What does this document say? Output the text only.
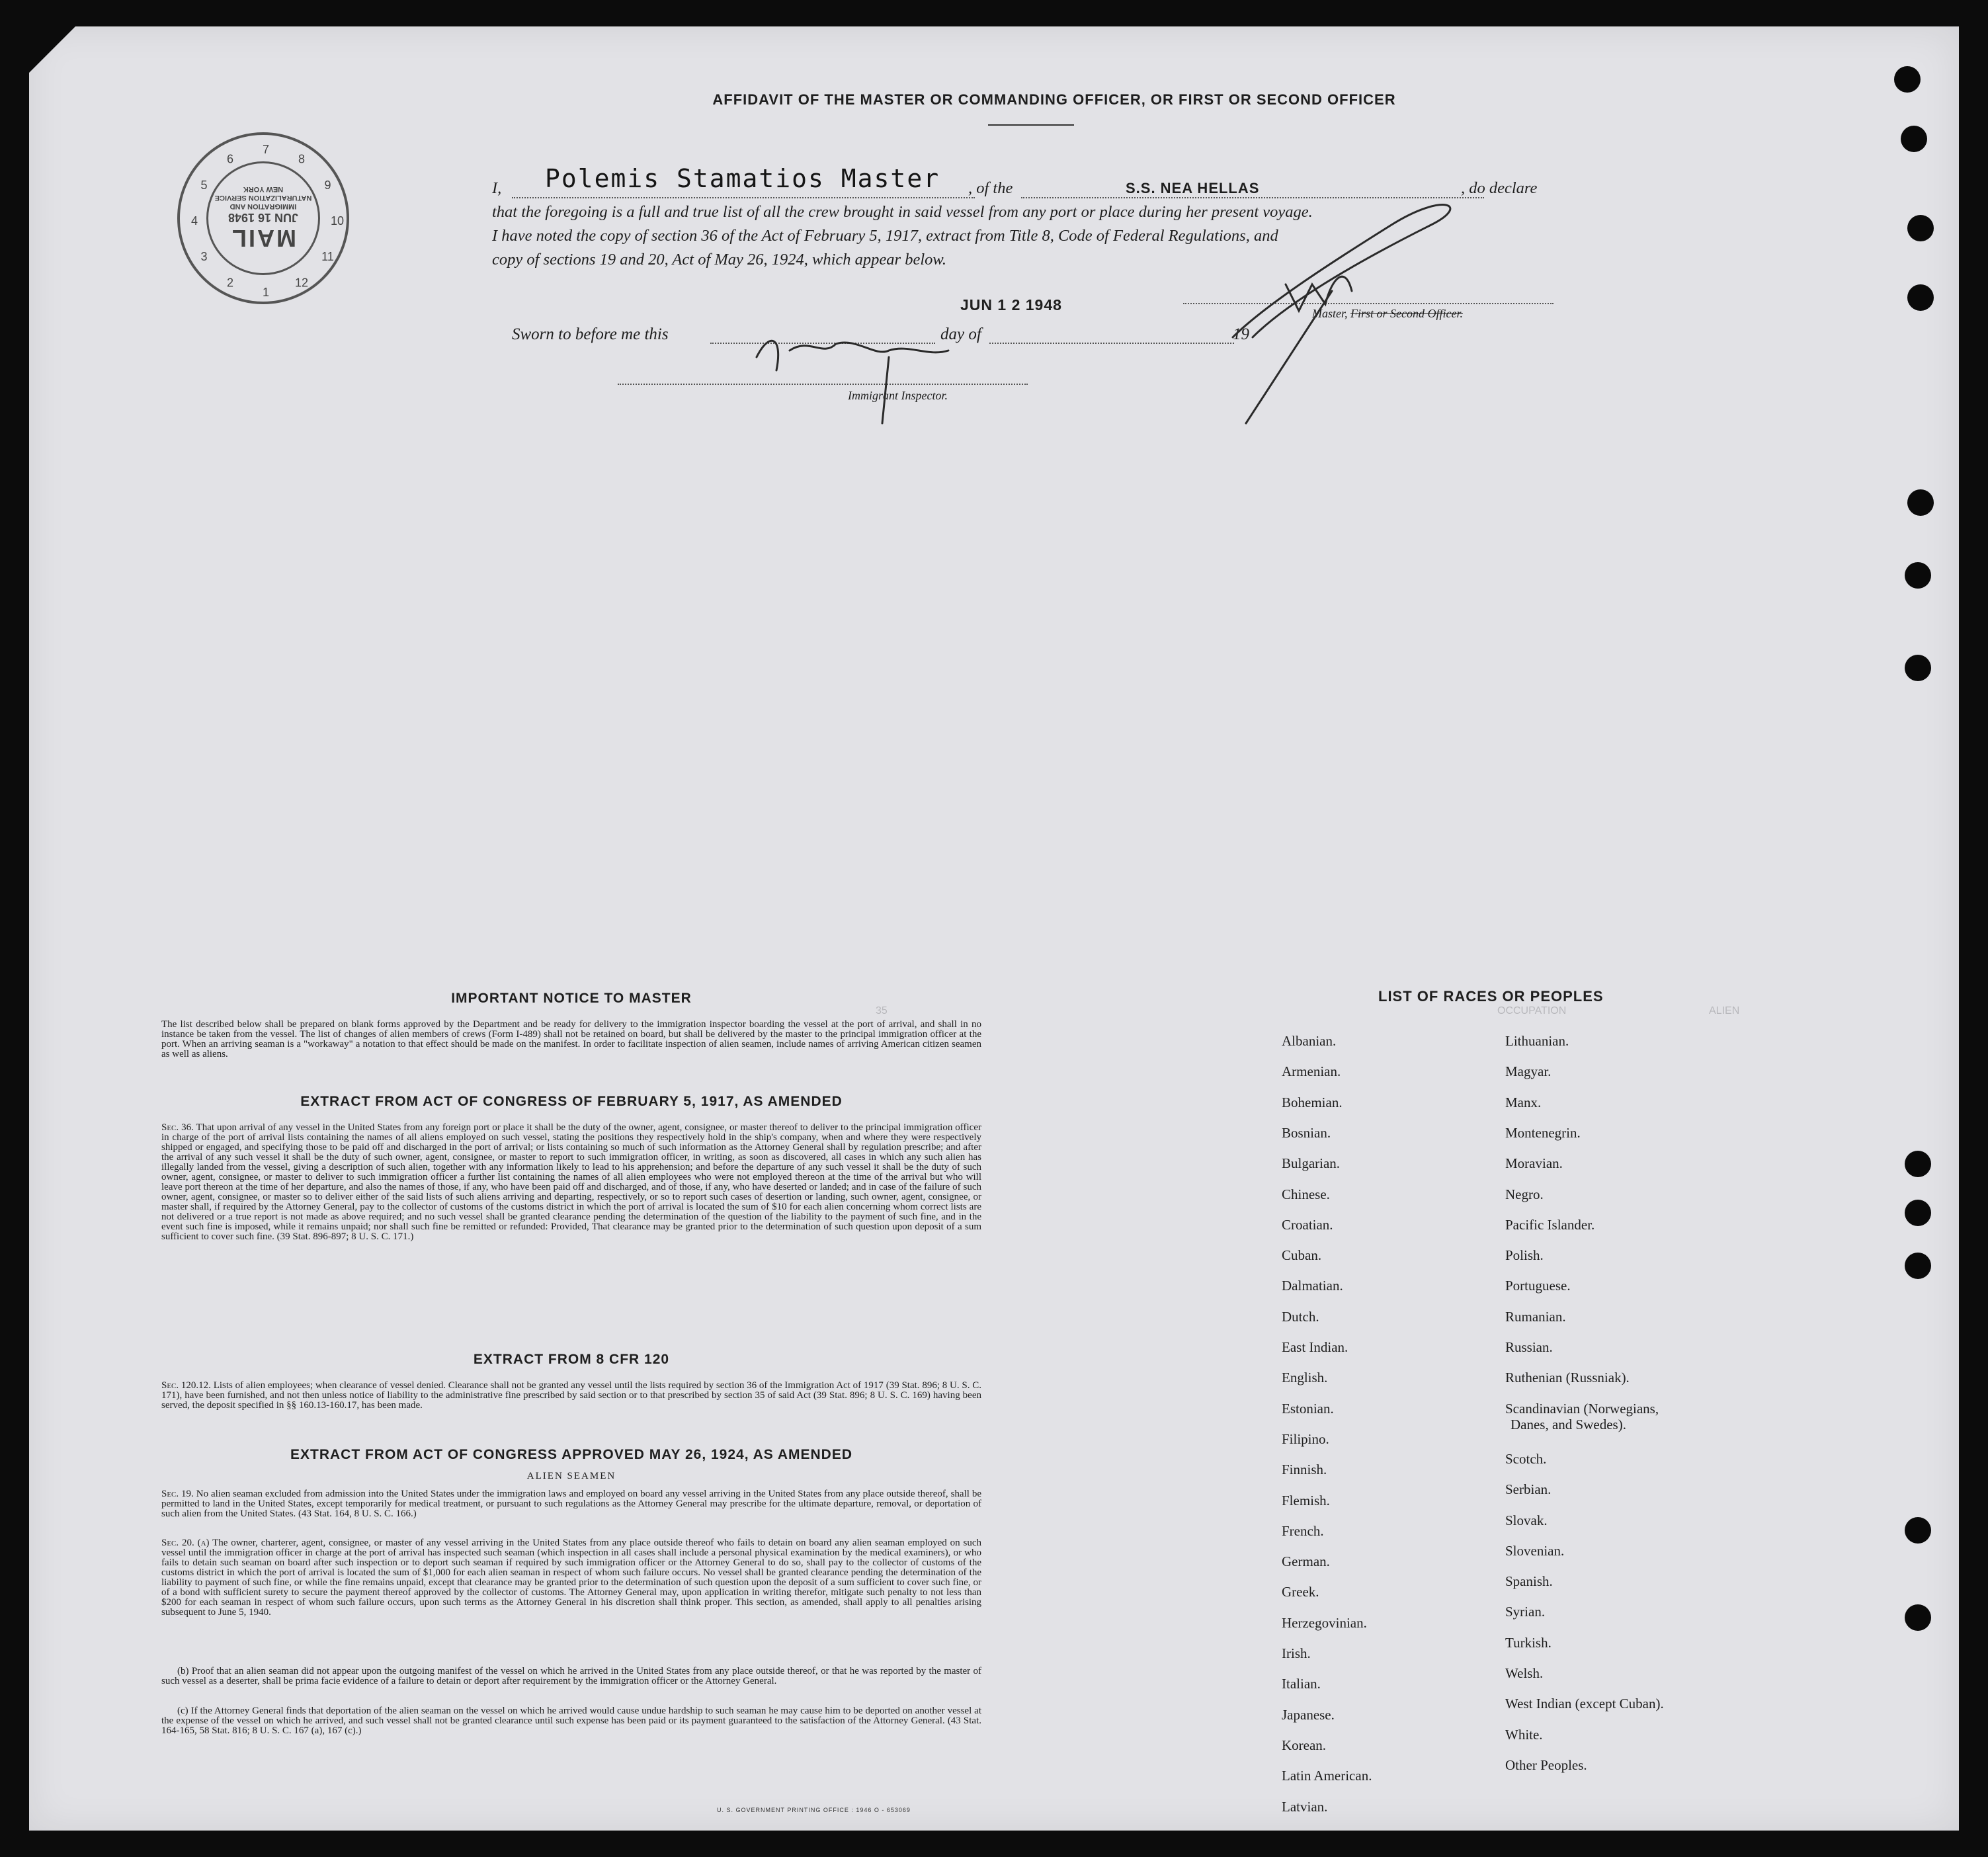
AFFIDAVIT OF THE MASTER OR COMMANDING OFFICER, OR FIRST OR SECOND OFFICER
MAIL
JUN 16 1948
IMMIGRATION AND NATURALIZATION SERVICE
NEW YORK
1
2
3
4
5
6
7
8
9
10
11
12
I,	, of the	, do declare
that the foregoing is a full and true list of all the crew brought in said vessel from any port or place during her present voyage.
I have noted the copy of section 36 of the Act of February 5, 1917, extract from Title 8, Code of Federal Regulations, and
copy of sections 19 and 20, Act of May 26, 1924, which appear below.
Polemis Stamatios Master	S.S. NEA HELLAS
JUN 1 2 1948
Sworn to before me this	day of	19
Master, First or Second Officer.
Immigrant Inspector.
IMPORTANT NOTICE TO MASTER

The list described below shall be prepared on blank forms approved by the Department and be ready for delivery to the immigration inspector boarding the vessel at the port of arrival, and shall in no instance be taken from the vessel. The list of changes of alien members of crews (Form I-489) shall not be retained on board, but shall be delivered by the master to the principal immigration officer at the port. When an arriving seaman is a "workaway" a notation to that effect should be made on the manifest. In order to facilitate inspection of alien seamen, include names of arriving American citizen seamen as well as aliens.

EXTRACT FROM ACT OF CONGRESS OF FEBRUARY 5, 1917, AS AMENDED

Sec. 36. That upon arrival of any vessel in the United States from any foreign port or place it shall be the duty of the owner, agent, consignee, or master thereof to deliver to the principal immigration officer in charge of the port of arrival lists containing the names of all aliens employed on such vessel, stating the positions they respectively hold in the ship's company, when and where they were respectively shipped or engaged, and specifying those to be paid off and discharged in the port of arrival; or lists containing so much of such information as the Attorney General shall by regulation prescribe; and after the arrival of any such vessel it shall be the duty of such owner, agent, consignee, or master to report to such immigration officer, in writing, as soon as discovered, all cases in which any such alien has illegally landed from the vessel, giving a description of such alien, together with any information likely to lead to his apprehension; and before the departure of any such vessel it shall be the duty of such owner, agent, consignee, or master to deliver to such immigration officer a further list containing the names of all alien employees who were not employed thereon at the time of the arrival but who will leave port thereon at the time of her departure, and also the names of those, if any, who have been paid off and discharged, and of those, if any, who have deserted or landed; and in case of the failure of such owner, agent, consignee, or master so to deliver either of the said lists of such aliens arriving and departing, respectively, or so to report such cases of desertion or landing, such owner, agent, consignee, or master shall, if required by the Attorney General, pay to the collector of customs of the customs district in which the port of arrival is located the sum of $10 for each alien concerning whom correct lists are not delivered or a true report is not made as above required; and no such vessel shall be granted clearance pending the determination of the question of the liability to the payment of such fine, and in the event such fine is imposed, while it remains unpaid; nor shall such fine be remitted or refunded: Provided, That clearance may be granted prior to the determination of such question upon deposit of a sum sufficient to cover such fine. (39 Stat. 896-897; 8 U. S. C. 171.)

EXTRACT FROM 8 CFR 120

Sec. 120.12. Lists of alien employees; when clearance of vessel denied. Clearance shall not be granted any vessel until the lists required by section 36 of the Immigration Act of 1917 (39 Stat. 896; 8 U. S. C. 171), have been furnished, and not then unless notice of liability to the administrative fine prescribed by said section or to that prescribed by section 35 of said Act (39 Stat. 896; 8 U. S. C. 169) having been served, the deposit specified in §§ 160.13-160.17, has been made.

EXTRACT FROM ACT OF CONGRESS APPROVED MAY 26, 1924, AS AMENDED
ALIEN SEAMEN

Sec. 19. No alien seaman excluded from admission into the United States under the immigration laws and employed on board any vessel arriving in the United States from any place outside thereof, shall be permitted to land in the United States, except temporarily for medical treatment, or pursuant to such regulations as the Attorney General may prescribe for the ultimate departure, removal, or deportation of such alien from the United States. (43 Stat. 164, 8 U. S. C. 166.)

Sec. 20. (a) The owner, charterer, agent, consignee, or master of any vessel arriving in the United States from any place outside thereof who fails to detain on board any alien seaman employed on such vessel until the immigration officer in charge at the port of arrival has inspected such seaman (which inspection in all cases shall include a personal physical examination by the medical examiners), or who fails to detain such seaman on board after such inspection or to deport such seaman if required by such immigration officer or the Attorney General to do so, shall pay to the collector of customs of the customs district in which the port of arrival is located the sum of $1,000 for each alien seaman in respect of whom such failure occurs. No vessel shall be granted clearance pending the determination of the liability to payment of such fine, or while the fine remains unpaid, except that clearance may be granted prior to the determination of such question upon the deposit of a sum sufficient to cover such fine, or of a bond with sufficient surety to secure the payment thereof approved by the collector of customs. The Attorney General may, upon application in writing therefor, mitigate such penalty to not less than $200 for each seaman in respect of whom such failure occurs, upon such terms as the Attorney General in his discretion shall think proper. This section, as amended, shall apply to all penalties arising subsequent to June 5, 1940.

(b) Proof that an alien seaman did not appear upon the outgoing manifest of the vessel on which he arrived in the United States from any place outside thereof, or that he was reported by the master of such vessel as a deserter, shall be prima facie evidence of a failure to detain or deport after requirement by the immigration officer or the Attorney General.

(c) If the Attorney General finds that deportation of the alien seaman on the vessel on which he arrived would cause undue hardship to such seaman he may cause him to be deported on another vessel at the expense of the vessel on which he arrived, and such vessel shall not be granted clearance until such expense has been paid or its payment guaranteed to the satisfaction of the Attorney General. (43 Stat. 164-165, 58 Stat. 816; 8 U. S. C. 167 (a), 167 (c).)

U. S. GOVERNMENT PRINTING OFFICE : 1946 O - 653069
LIST OF RACES OR PEOPLES
Albanian.
Armenian.
Bohemian.
Bosnian.
Bulgarian.
Chinese.
Croatian.
Cuban.
Dalmatian.
Dutch.
East Indian.
English.
Estonian.
Filipino.
Finnish.
Flemish.
French.
German.
Greek.
Herzegovinian.
Irish.
Italian.
Japanese.
Korean.
Latin American.
Latvian.
Lithuanian.
Magyar.
Manx.
Montenegrin.
Moravian.
Negro.
Pacific Islander.
Polish.
Portuguese.
Rumanian.
Russian.
Ruthenian (Russniak).
Scandinavian (Norwegians,
Danes, and Swedes).
Scotch.
Serbian.
Slovak.
Slovenian.
Spanish.
Syrian.
Turkish.
Welsh.
West Indian (except Cuban).
White.
Other Peoples.
35	ALIEN
OCCUPATION
